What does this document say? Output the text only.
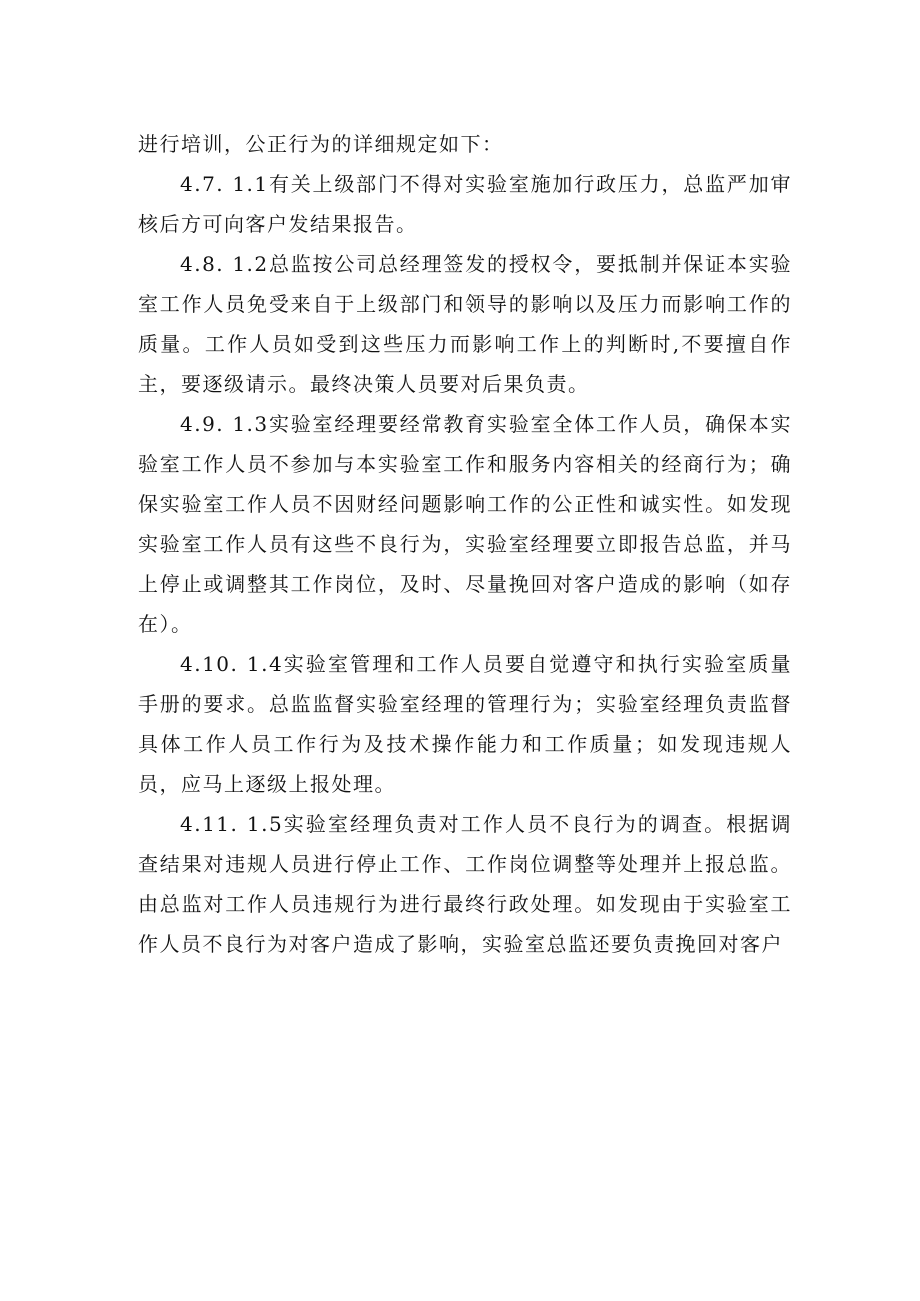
进行培训，公正行为的详细规定如下：

4.7. 1.1有关上级部门不得对实验室施加行政压力，总监严加审核后方可向客户发结果报告。

4.8. 1.2总监按公司总经理签发的授权令，要抵制并保证本实验室工作人员免受来自于上级部门和领导的影响以及压力而影响工作的质量。工作人员如受到这些压力而影响工作上的判断时,不要擅自作主，要逐级请示。最终决策人员要对后果负责。

4.9. 1.3实验室经理要经常教育实验室全体工作人员，确保本实验室工作人员不参加与本实验室工作和服务内容相关的经商行为；确保实验室工作人员不因财经问题影响工作的公正性和诚实性。如发现实验室工作人员有这些不良行为，实验室经理要立即报告总监，并马上停止或调整其工作岗位，及时、尽量挽回对客户造成的影响（如存在）。

4.10. 1.4实验室管理和工作人员要自觉遵守和执行实验室质量手册的要求。总监监督实验室经理的管理行为；实验室经理负责监督具体工作人员工作行为及技术操作能力和工作质量；如发现违规人员，应马上逐级上报处理。

4.11. 1.5实验室经理负责对工作人员不良行为的调查。根据调查结果对违规人员进行停止工作、工作岗位调整等处理并上报总监。由总监对工作人员违规行为进行最终行政处理。如发现由于实验室工作人员不良行为对客户造成了影响，实验室总监还要负责挽回对客户
